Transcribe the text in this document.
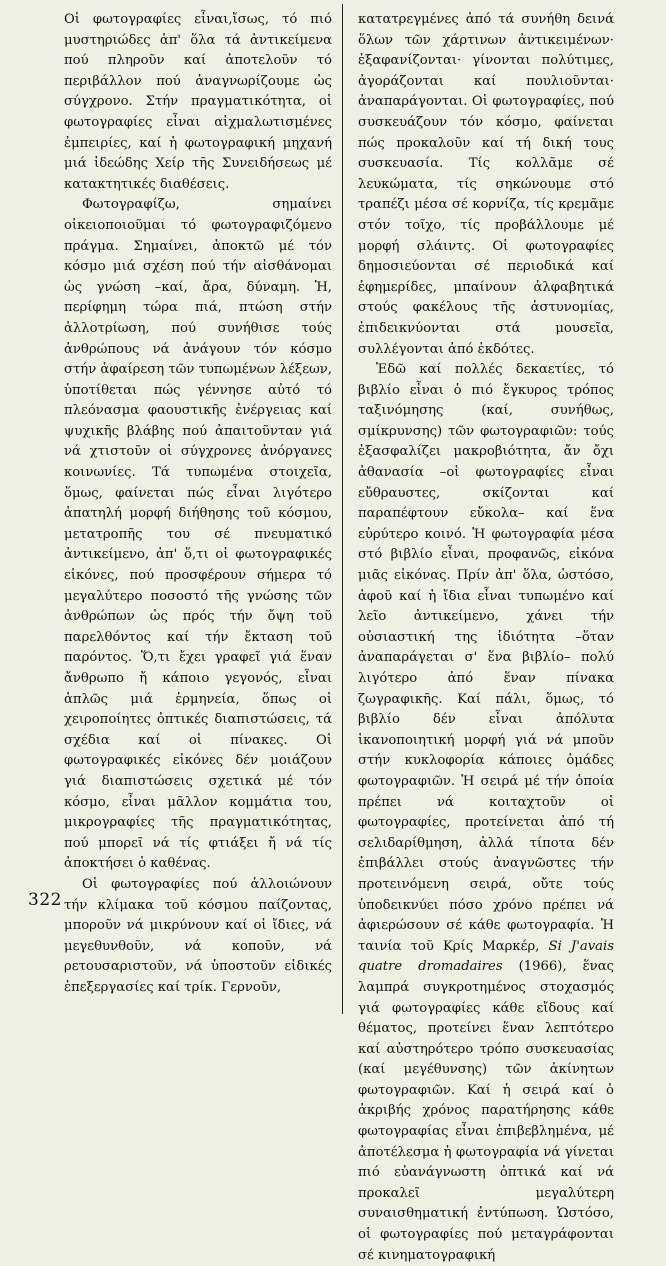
Οἱ φωτογραφίες εἶναι,ἴσως, τό πιό μυστηριώδες ἀπ' ὅλα τά ἀντικείμενα πού πληροῦν καί ἀποτελοῦν τό περιβάλλον πού ἀναγνωρίζουμε ὡς σύγχρονο. Στήν πραγματικότητα, οἱ φωτογραφίες εἶναι αἰχμαλωτισμένες ἐμπειρίες, καί ἡ φωτογραφική μηχανή μιά ἰδεώδης Χείρ τῆς Συνειδήσεως μέ κατακτητικές διαθέσεις.

Φωτογραφίζω, σημαίνει οἰκειοποιοῦμαι τό φωτογραφιζόμενο πράγμα. Σημαίνει, ἀποκτῶ μέ τόν κόσμο μιά σχέση πού τήν αἰσθάνομαι ὡς γνώση –καί, ἄρα, δύναμη. Ἡ, περίφημη τώρα πιά, πτώση στήν ἀλλοτρίωση, πού συνήθισε τούς ἀνθρώπους νά ἀνάγουν τόν κόσμο στήν ἀφαίρεση τῶν τυπωμένων λέξεων, ὑποτίθεται πώς γέννησε αὐτό τό πλεόνασμα φαουστικῆς ἐνέργειας καί ψυχικῆς βλάβης πού ἀπαιτοῦνταν γιά νά χτιστοῦν οἱ σύγχρονες ἀνόργανες κοινωνίες. Τά τυπωμένα στοιχεῖα, ὅμως, φαίνεται πώς εἶναι λιγότερο ἀπατηλή μορφή διήθησης τοῦ κόσμου, μετατροπῆς του σέ πνευματικό ἀντικείμενο, ἀπ' ὅ,τι οἱ φωτογραφικές εἰκόνες, πού προσφέρουν σήμερα τό μεγαλύτερο ποσοστό τῆς γνώσης τῶν ἀνθρώπων ὡς πρός τήν ὄψη τοῦ παρελθόντος καί τήν ἔκταση τοῦ παρόντος. Ὅ,τι ἔχει γραφεῖ γιά ἕναν ἄνθρωπο ἤ κάποιο γεγονός, εἶναι ἁπλῶς μιά ἑρμηνεία, ὅπως οἱ χειροποίητες ὀπτικές διαπιστώσεις, τά σχέδια καί οἱ πίνακες. Οἱ φωτογραφικές εἰκόνες δέν μοιάζουν γιά διαπιστώσεις σχετικά μέ τόν κόσμο, εἶναι μᾶλλον κομμάτια του, μικρογραφίες τῆς πραγματικότητας, πού μπορεῖ νά τίς φτιάξει ἤ νά τίς ἀποκτήσει ὁ καθένας.

Οἱ φωτογραφίες πού ἀλλοιώνουν τήν κλίμακα τοῦ κόσμου παίζοντας, μποροῦν νά μικρύνουν καί οἱ ἴδιες, νά μεγεθυνθοῦν, νά κοποῦν, νά ρετουσαριστοῦν, νά ὑποστοῦν εἰδικές ἐπεξεργασίες καί τρίκ. Γερνοῦν,

κατατρεγμένες ἀπό τά συνήθη δεινά ὅλων τῶν χάρτινων ἀντικειμένων· ἐξαφανίζονται· γίνονται πολύτιμες, ἀγοράζονται καί πουλιοῦνται· ἀναπαράγονται. Οἱ φωτογραφίες, πού συσκευάζουν τόν κόσμο, φαίνεται πώς προκαλοῦν καί τή δική τους συσκευασία. Τίς κολλᾶμε σέ λευκώματα, τίς σηκώνουμε στό τραπέζι μέσα σέ κορνίζα, τίς κρεμᾶμε στόν τοῖχο, τίς προβάλλουμε μέ μορφή σλάιντς. Οἱ φωτογραφίες δημοσιεύονται σέ περιοδικά καί ἐφημερίδες, μπαίνουν ἀλφαβητικά στούς φακέλους τῆς ἀστυνομίας, ἐπιδεικνύονται στά μουσεῖα, συλλέγονται ἀπό ἐκδότες.

Ἐδῶ καί πολλές δεκαετίες, τό βιβλίο εἶναι ὁ πιό ἔγκυρος τρόπος ταξινόμησης (καί, συνήθως, σμίκρυνσης) τῶν φωτογραφιῶν: τούς ἐξασφαλίζει μακροβιότητα, ἄν ὄχι ἀθανασία –οἱ φωτογραφίες εἶναι εὔθραυστες, σκίζονται καί παραπέφτουν εὔκολα– καί ἕνα εὐρύτερο κοινό. Ἡ φωτογραφία μέσα στό βιβλίο εἶναι, προφανῶς, εἰκόνα μιᾶς εἰκόνας. Πρίν ἀπ' ὅλα, ὡστόσο, ἀφοῦ καί ἡ ἴδια εἶναι τυπωμένο καί λεῖο ἀντικείμενο, χάνει τήν οὐσιαστική της ἰδιότητα –ὅταν ἀναπαράγεται σ' ἕνα βιβλίο– πολύ λιγότερο ἀπό ἕναν πίνακα ζωγραφικῆς. Καί πάλι, ὅμως, τό βιβλίο δέν εἶναι ἀπόλυτα ἱκανοποιητική μορφή γιά νά μποῦν στήν κυκλοφορία κάποιες ὁμάδες φωτογραφιῶν. Ἡ σειρά μέ τήν ὁποία πρέπει νά κοιταχτοῦν οἱ φωτογραφίες, προτείνεται ἀπό τή σελιδαρίθμηση, ἀλλά τίποτα δέν ἐπιβάλλει στούς ἀναγνῶστες τήν προτεινόμενη σειρά, οὔτε τούς ὑποδεικνύει πόσο χρόνο πρέπει νά ἀφιερώσουν σέ κάθε φωτογραφία. Ἡ ταινία τοῦ Κρίς Μαρκέρ, Si J'avais quatre dromadaires (1966), ἕνας λαμπρά συγκροτημένος στοχασμός γιά φωτογραφίες κάθε εἴδους καί θέματος, προτείνει ἕναν λεπτότερο καί αὐστηρότερο τρόπο συσκευασίας (καί μεγέθυνσης) τῶν ἀκίνητων φωτογραφιῶν. Καί ἡ σειρά καί ὁ ἀκριβής χρόνος παρατήρησης κάθε φωτογραφίας εἶναι ἐπιβεβλημένα, μέ ἀποτέλεσμα ἡ φωτογραφία νά γίνεται πιό εὐανάγνωστη ὀπτικά καί νά προκαλεῖ μεγαλύτερη συναισθηματική ἐντύπωση. Ὡστόσο, οἱ φωτογραφίες πού μεταγράφονται σέ κινηματογραφική

322
